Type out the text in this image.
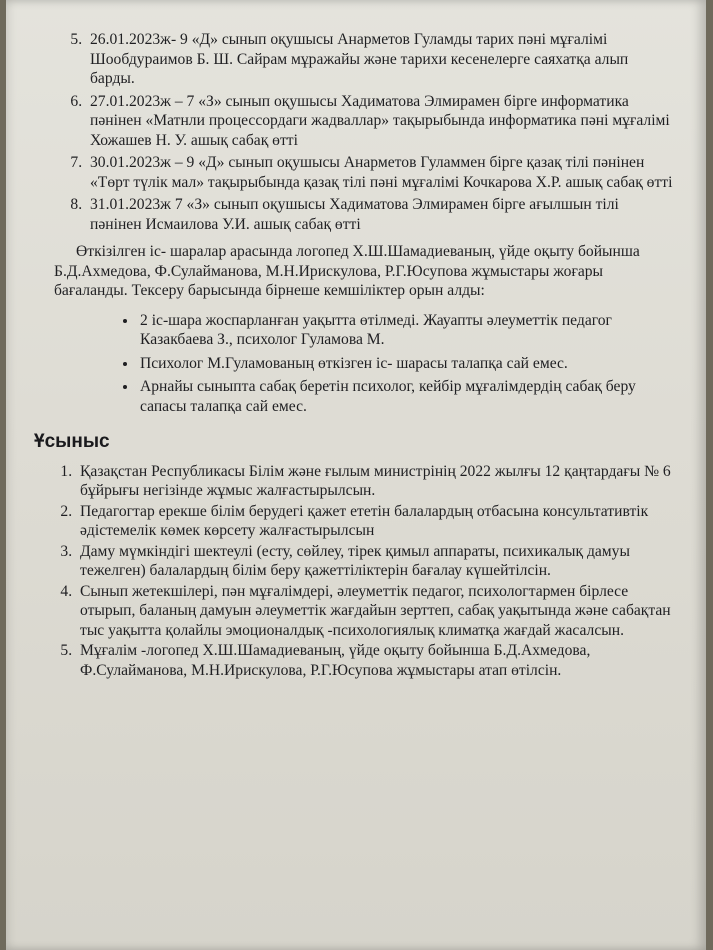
5. 26.01.2023ж- 9 «Д» сынып оқушысы Анарметов Гуламды тарих пәні мұғалімі Шообдураимов Б. Ш. Сайрам мұражайы және тарихи кесенелерге саяхатқа алып барды.

6. 27.01.2023ж – 7 «З» сынып оқушысы Хадиматова Элмирамен бірге информатика пәнінен «Матнли процессордаги жадваллар» тақырыбында информатика пәні мұғалімі Хожашев Н. У. ашық сабақ өтті

7. 30.01.2023ж – 9 «Д» сынып оқушысы Анарметов Гуламмен бірге қазақ тілі пәнінен «Төрт түлік мал» тақырыбында қазақ тілі пәні мұғалімі Кочкарова Х.Р. ашық сабақ өтті

8. 31.01.2023ж 7 «З» сынып оқушысы Хадиматова Элмирамен бірге ағылшын тілі пәнінен Исмаилова У.И. ашық сабақ өтті

Өткізілген іс- шаралар арасында логопед Х.Ш.Шамадиеваның, үйде оқыту бойынша Б.Д.Ахмедова, Ф.Сулайманова, М.Н.Ирискулова, Р.Г.Юсупова жұмыстары жоғары бағаланды. Тексеру барысында бірнеше кемшіліктер орын алды:

• 2 іс-шара жоспарланған уақытта өтілмеді. Жауапты әлеуметтік педагог Казакбаева З., психолог Гуламова М.
• Психолог М.Гуламованың өткізген іс- шарасы талапқа сай емес.
• Арнайы сыныпта сабақ беретін психолог, кейбір мұғалімдердің сабақ беру сапасы талапқа сай емес.
Ұсыныс
1. Қазақстан Республикасы Білім және ғылым министрінің 2022 жылғы 12 қаңтардағы № 6 бұйрығы негізінде жұмыс жалғастырылсын.
2. Педагогтар ерекше білім берудегі қажет ететін балалардың отбасына консультативтік әдістемелік көмек көрсету жалғастырылсын
3. Даму мүмкіндігі шектеулі (есту, сөйлеу, тірек қимыл аппараты, психикалық дамуы тежелген) балалардың білім беру қажеттіліктерін бағалау күшейтілсін.
4. Сынып жетекшілері, пән мұғалімдері, әлеуметтік педагог, психологтармен бірлесе отырып, баланың дамуын әлеуметтік жағдайын зерттеп, сабақ уақытында және сабақтан тыс уақытта қолайлы эмоционалдық -психологиялық климатқа жағдай жасалсын.
5. Мұғалім -логопед Х.Ш.Шамадиеваның, үйде оқыту бойынша Б.Д.Ахмедова, Ф.Сулайманова, М.Н.Ирискулова, Р.Г.Юсупова жұмыстары атап өтілсін.
